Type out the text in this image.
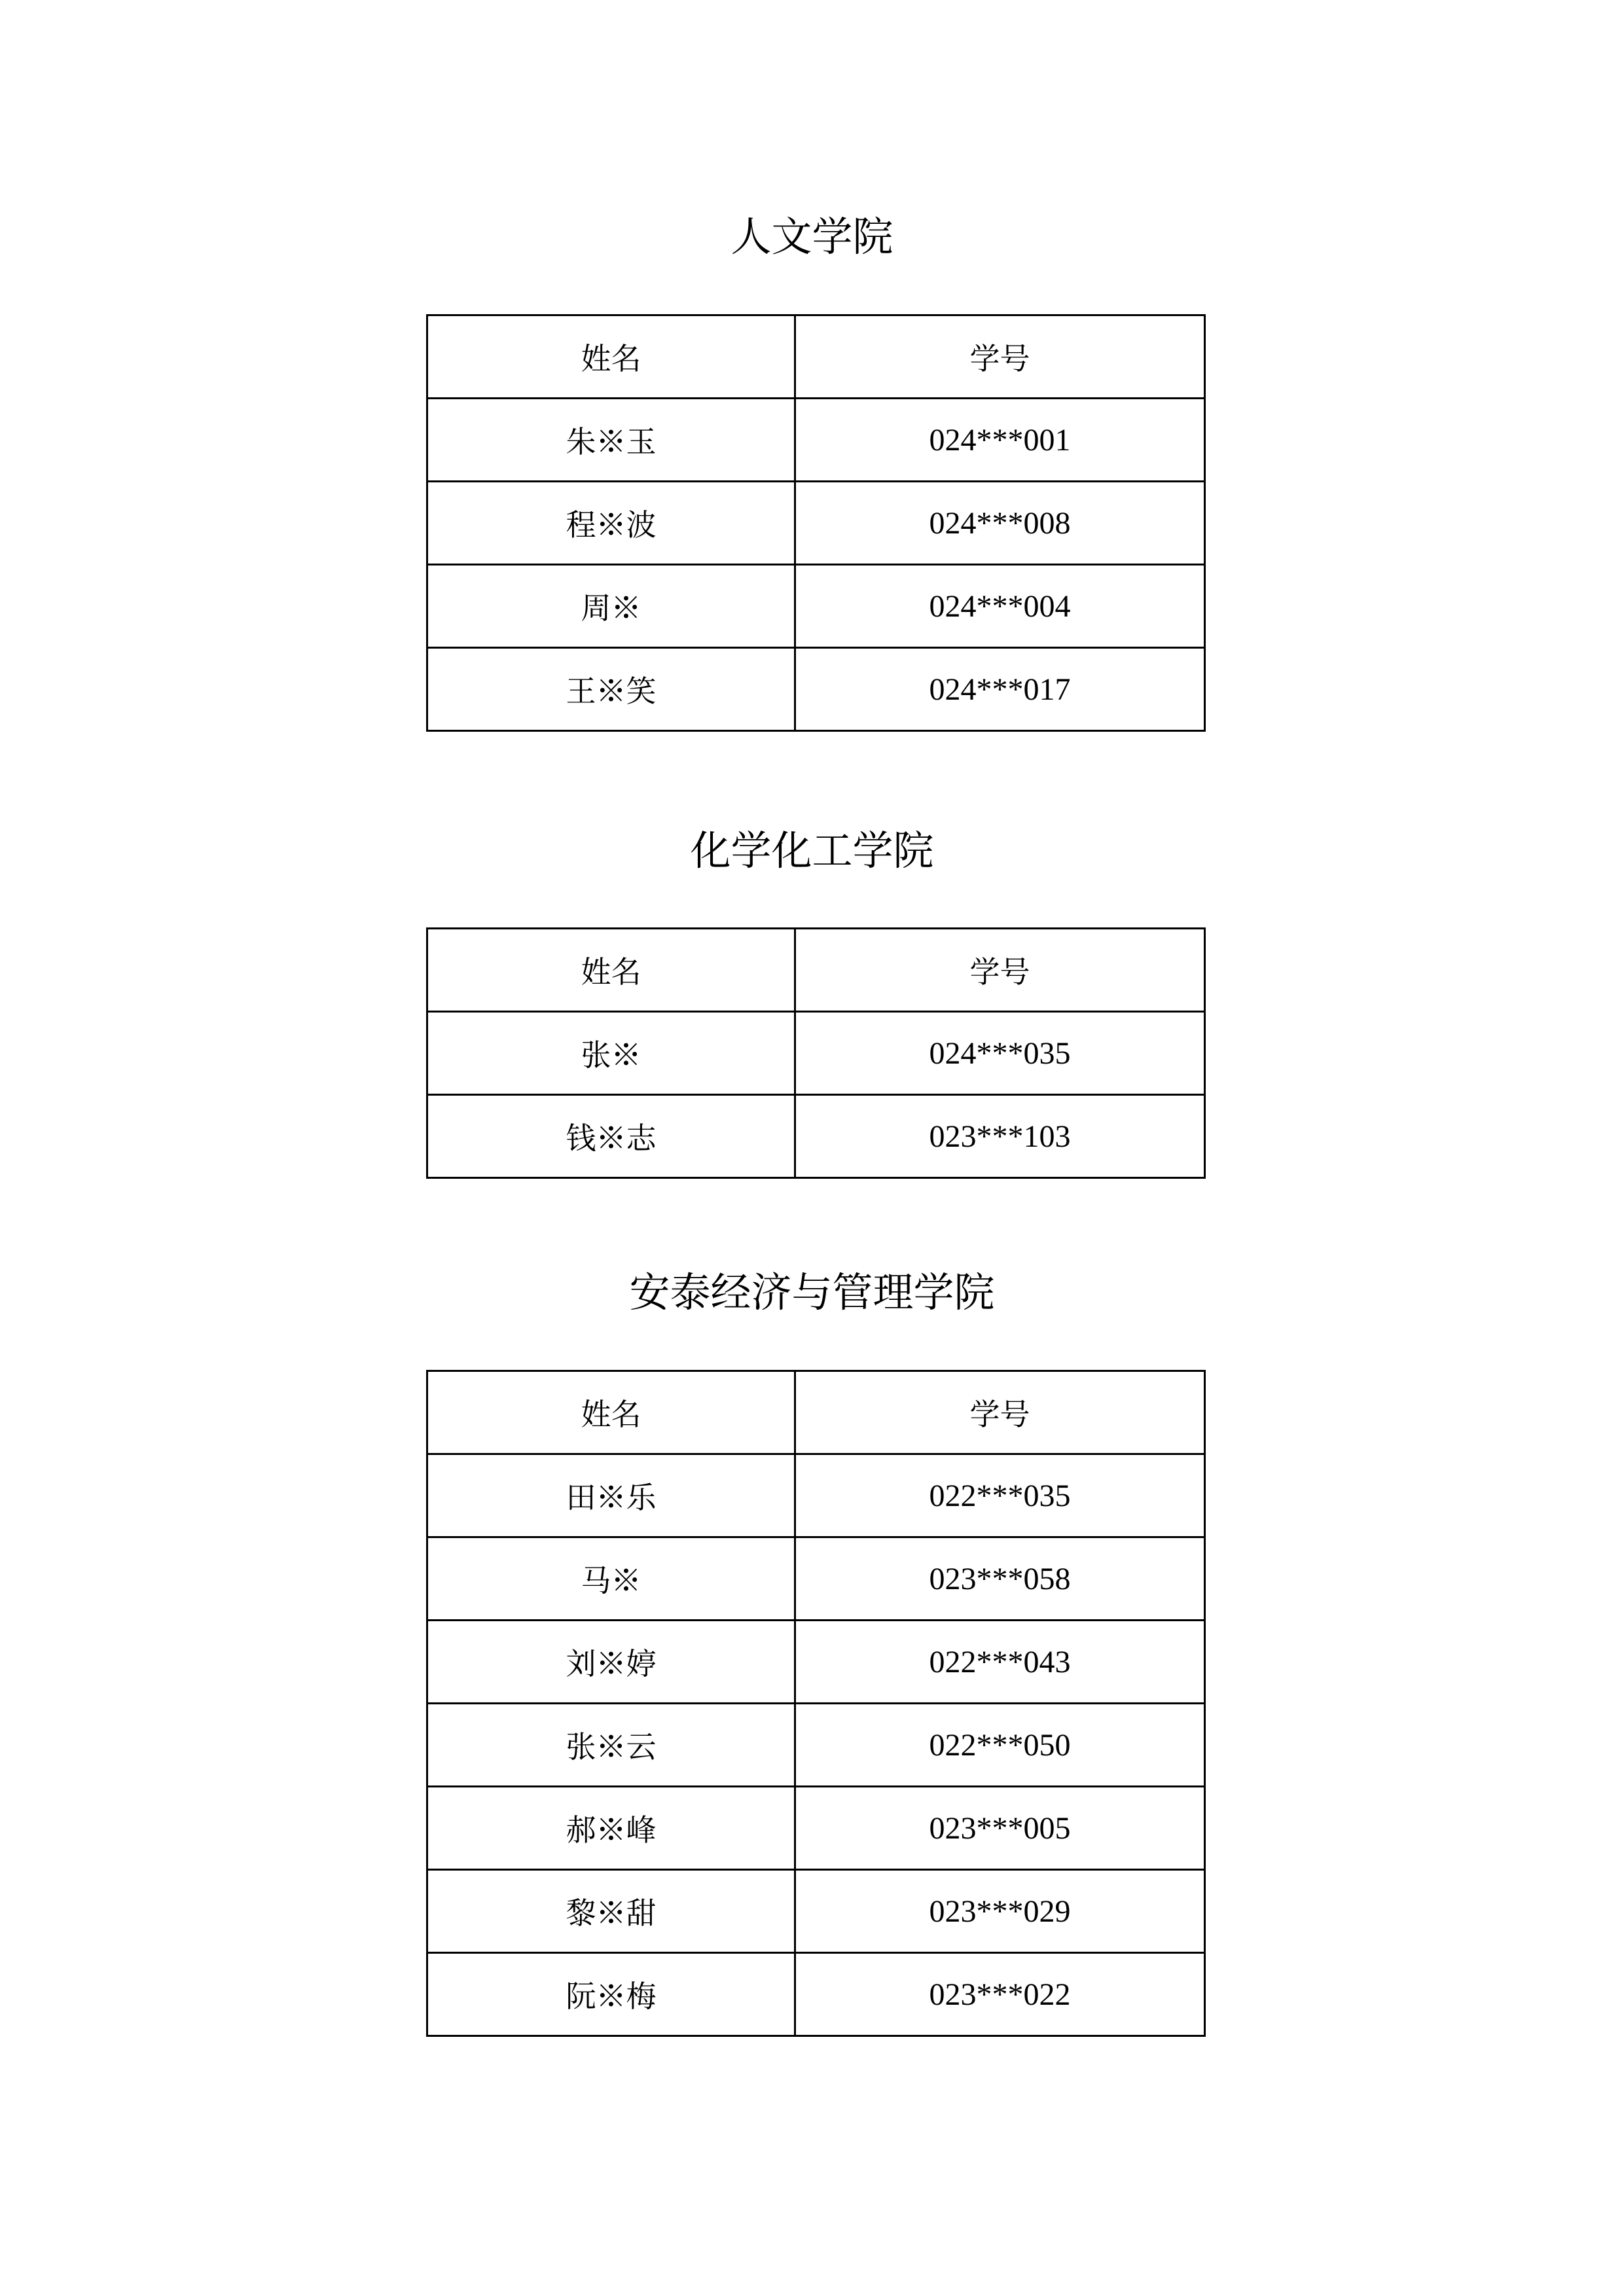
人文学院
姓名	学号
朱※玉	024***001
程※波	024***008
周※	024***004
王※笑	024***017
化学化工学院
姓名	学号
张※	024***035
钱※志	023***103
安泰经济与管理学院
姓名	学号
田※乐	022***035
马※	023***058
刘※婷	022***043
张※云	022***050
郝※峰	023***005
黎※甜	023***029
阮※梅	023***022
